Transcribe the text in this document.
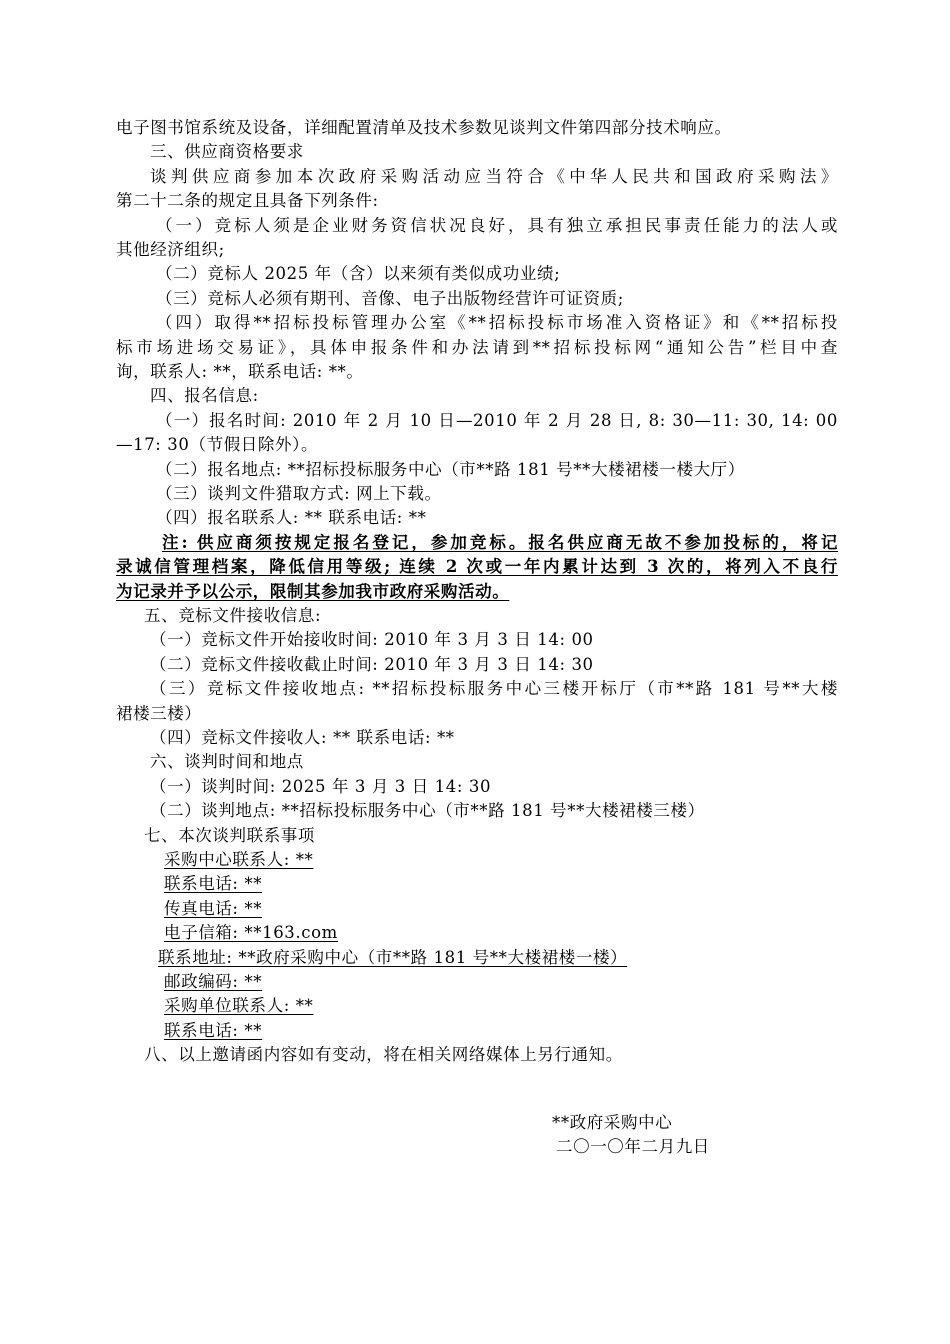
电子图书馆系统及设备，详细配置清单及技术参数见谈判文件第四部分技术响应。
三、供应商资格要求
谈判供应商参加本次政府采购活动应当符合《中华人民共和国政府采购法》
第二十二条的规定且具备下列条件:
（一）竞标人须是企业财务资信状况良好，具有独立承担民事责任能力的法人或
其他经济组织;
（二）竞标人 2025 年（含）以来须有类似成功业绩;
（三）竞标人必须有期刊、音像、电子出版物经营许可证资质;
（四）取得**招标投标管理办公室《**招标投标市场准入资格证》和《**招标投
标市场进场交易证》，具体申报条件和办法请到**招标投标网“通知公告”栏目中查
询，联系人: **，联系电话: **。
四、报名信息:
（一）报名时间: 2010 年 2 月 10 日—2010 年 2 月 28 日, 8: 30—11: 30, 14: 00
—17: 30（节假日除外）。
（二）报名地点: **招标投标服务中心（市**路 181 号**大楼裙楼一楼大厅）
（三）谈判文件猎取方式: 网上下载。
（四）报名联系人: ** 联系电话: **
注: 供应商须按规定报名登记，参加竞标。报名供应商无故不参加投标的，将记
录诚信管理档案，降低信用等级; 连续 2 次或一年内累计达到 3 次的，将列入不良行
为记录并予以公示，限制其参加我市政府采购活动。
五、竞标文件接收信息:
（一）竞标文件开始接收时间: 2010 年 3 月 3 日 14: 00
（二）竞标文件接收截止时间: 2010 年 3 月 3 日 14: 30
（三）竞标文件接收地点: **招标投标服务中心三楼开标厅（市**路 181 号**大楼
裙楼三楼）
（四）竞标文件接收人: ** 联系电话: **
六、谈判时间和地点
（一）谈判时间: 2025 年 3 月 3 日 14: 30
（二）谈判地点: **招标投标服务中心（市**路 181 号**大楼裙楼三楼）
七、本次谈判联系事项
采购中心联系人: **
联系电话: **
传真电话: **
电子信箱: **163.com
联系地址: **政府采购中心（市**路 181 号**大楼裙楼一楼）
邮政编码: **
采购单位联系人: **
联系电话: **
八、以上邀请函内容如有变动，将在相关网络媒体上另行通知。
**政府采购中心
二〇一〇年二月九日
